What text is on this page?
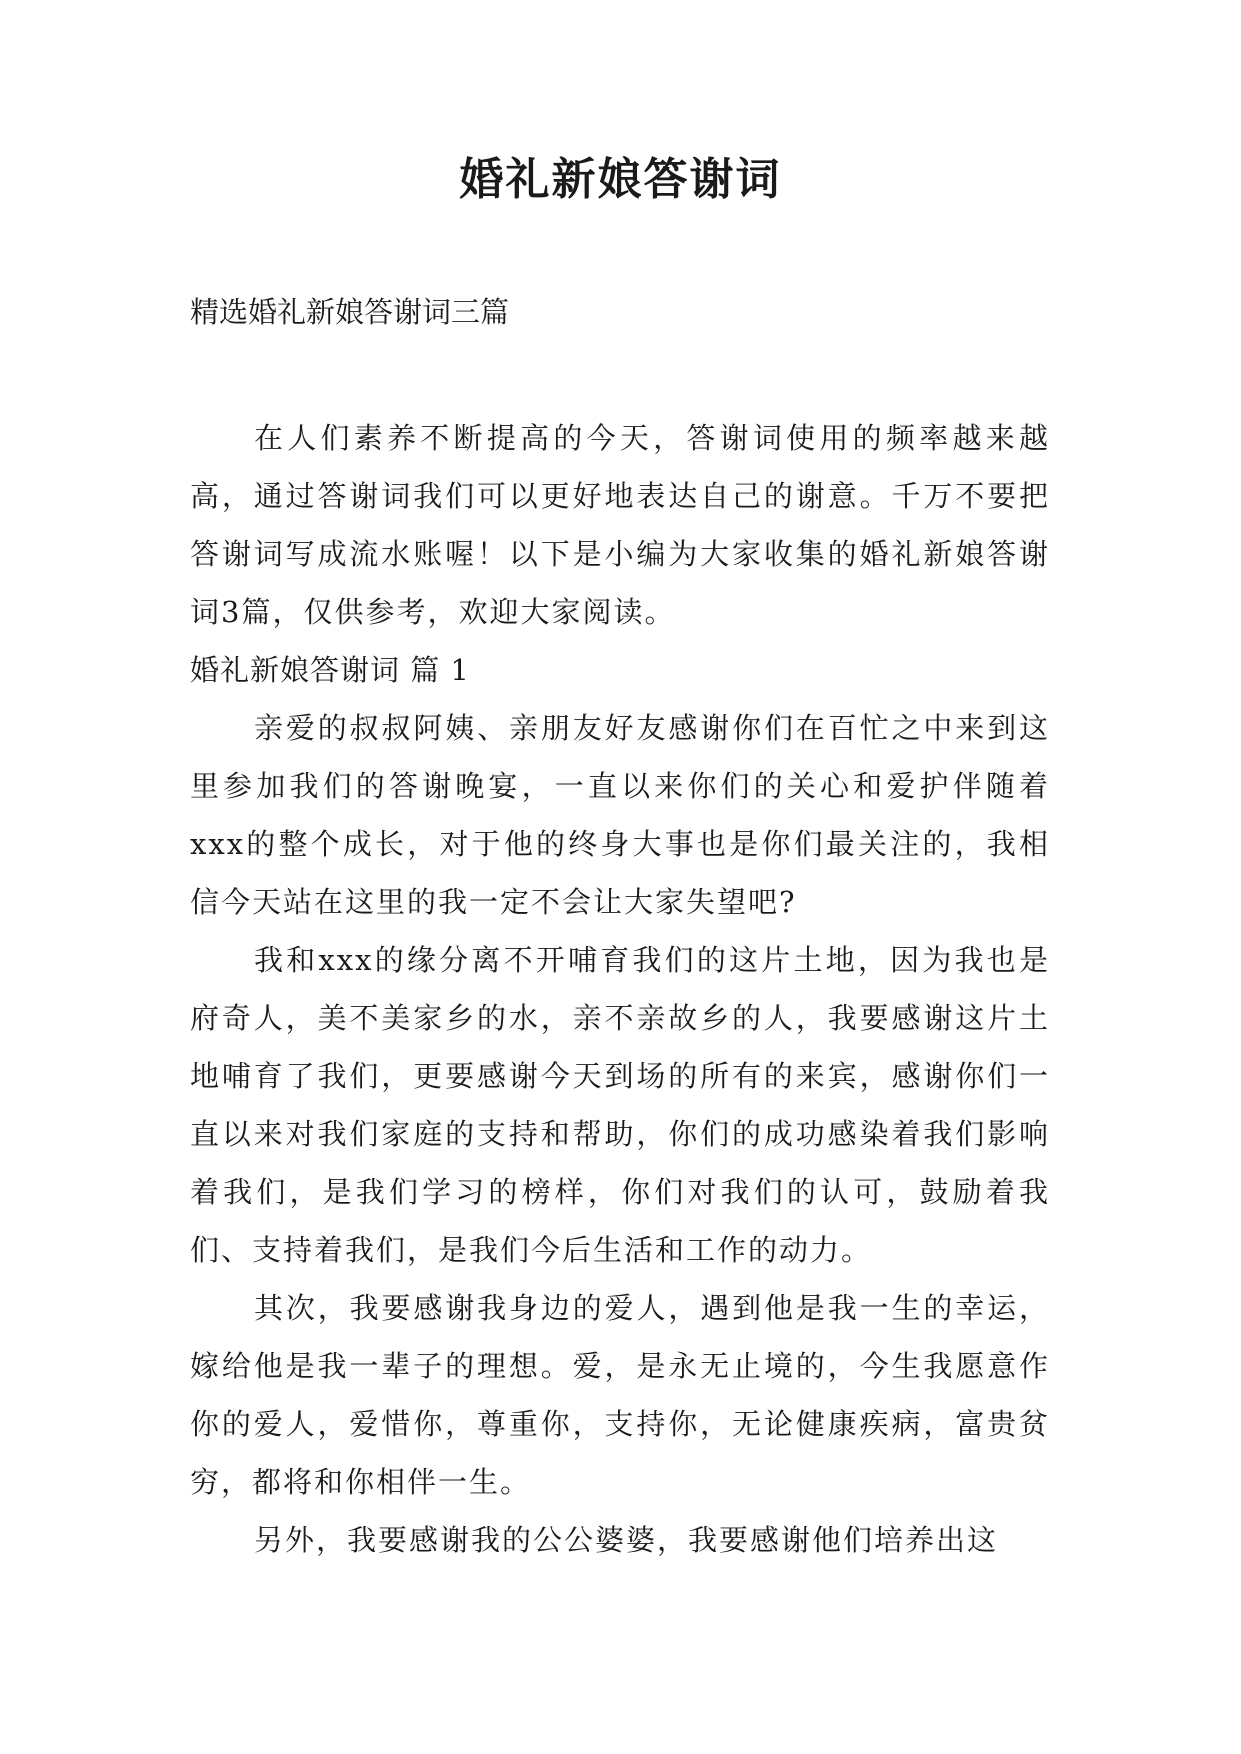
婚礼新娘答谢词
精选婚礼新娘答谢词三篇

在人们素养不断提高的今天，答谢词使用的频率越来越高，通过答谢词我们可以更好地表达自己的谢意。千万不要把答谢词写成流水账喔！以下是小编为大家收集的婚礼新娘答谢词3篇，仅供参考，欢迎大家阅读。

婚礼新娘答谢词 篇 1

亲爱的叔叔阿姨、亲朋友好友感谢你们在百忙之中来到这里参加我们的答谢晚宴，一直以来你们的关心和爱护伴随着xxx的整个成长，对于他的终身大事也是你们最关注的，我相信今天站在这里的我一定不会让大家失望吧?

我和xxx的缘分离不开哺育我们的这片土地，因为我也是府奇人，美不美家乡的水，亲不亲故乡的人，我要感谢这片土地哺育了我们，更要感谢今天到场的所有的来宾，感谢你们一直以来对我们家庭的支持和帮助，你们的成功感染着我们影响着我们，是我们学习的榜样，你们对我们的认可，鼓励着我们、支持着我们，是我们今后生活和工作的动力。

其次，我要感谢我身边的爱人，遇到他是我一生的幸运，嫁给他是我一辈子的理想。爱，是永无止境的，今生我愿意作你的爱人，爱惜你，尊重你，支持你，无论健康疾病，富贵贫穷，都将和你相伴一生。

另外，我要感谢我的公公婆婆，我要感谢他们培养出这
